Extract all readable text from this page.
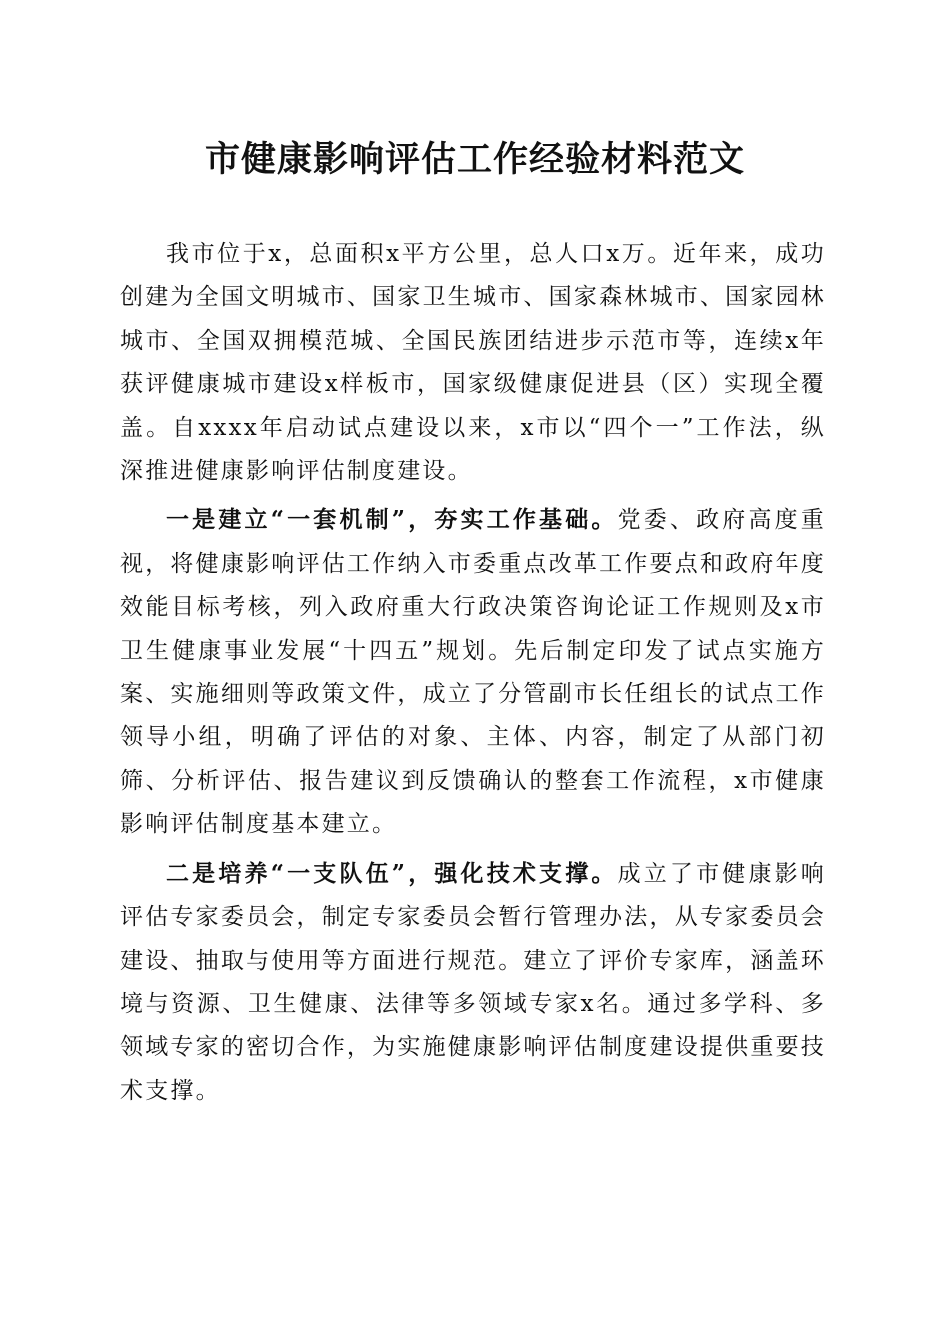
市健康影响评估工作经验材料范文

我市位于x，总面积x平方公里，总人口x万。近年来，成功创建为全国文明城市、国家卫生城市、国家森林城市、国家园林城市、全国双拥模范城、全国民族团结进步示范市等，连续x年获评健康城市建设x样板市，国家级健康促进县（区）实现全覆盖。自xxxx年启动试点建设以来，x市以“四个一”工作法，纵深推进健康影响评估制度建设。

一是建立“一套机制”，夯实工作基础。党委、政府高度重视，将健康影响评估工作纳入市委重点改革工作要点和政府年度效能目标考核，列入政府重大行政决策咨询论证工作规则及x市卫生健康事业发展“十四五”规划。先后制定印发了试点实施方案、实施细则等政策文件，成立了分管副市长任组长的试点工作领导小组，明确了评估的对象、主体、内容，制定了从部门初筛、分析评估、报告建议到反馈确认的整套工作流程，x市健康影响评估制度基本建立。

二是培养“一支队伍”，强化技术支撑。成立了市健康影响评估专家委员会，制定专家委员会暂行管理办法，从专家委员会建设、抽取与使用等方面进行规范。建立了评价专家库，涵盖环境与资源、卫生健康、法律等多领域专家x名。通过多学科、多领域专家的密切合作，为实施健康影响评估制度建设提供重要技术支撑。
